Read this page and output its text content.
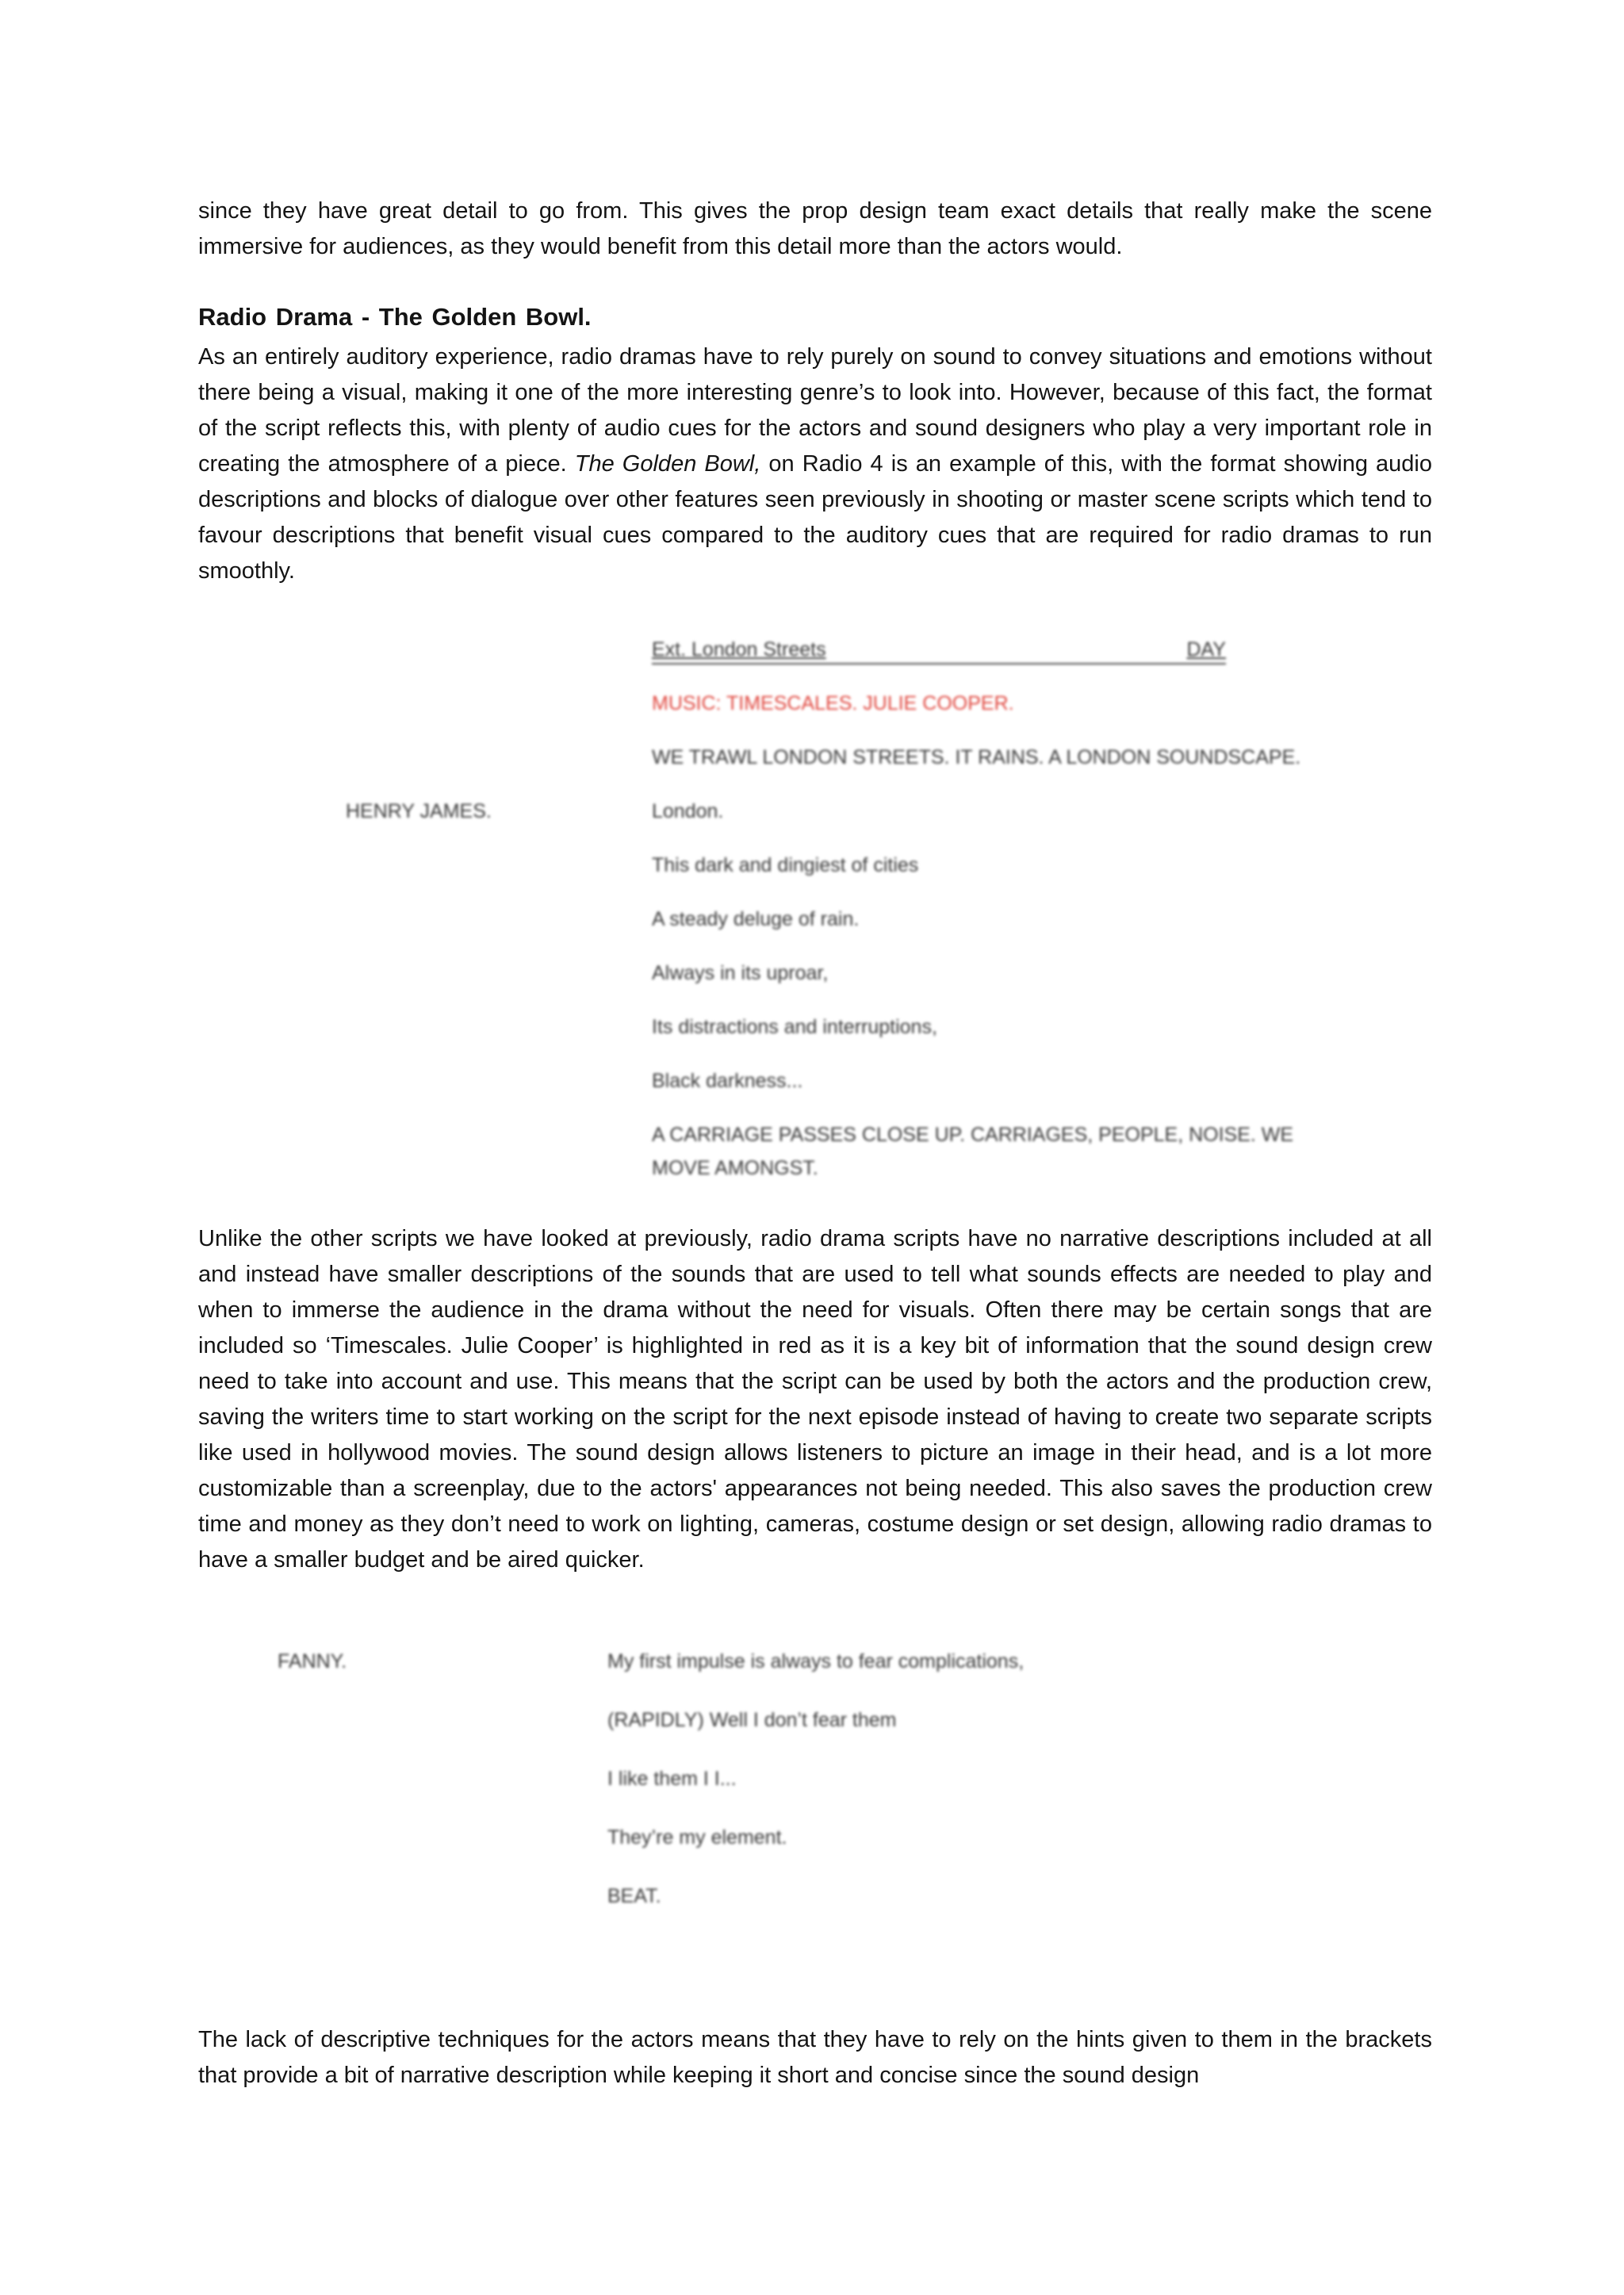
since they have great detail to go from. This gives the prop design team exact details that really make the scene immersive for audiences, as they would benefit from this detail more than the actors would.

Radio Drama - The Golden Bowl.

As an entirely auditory experience, radio dramas have to rely purely on sound to convey situations and emotions without there being a visual, making it one of the more interesting genre’s to look into. However, because of this fact, the format of the script reflects this, with plenty of audio cues for the actors and sound designers who play a very important role in creating the atmosphere of a piece. The Golden Bowl, on Radio 4 is an example of this, with the format showing audio descriptions and blocks of dialogue over other features seen previously in shooting or master scene scripts which tend to favour descriptions that benefit visual cues compared to the auditory cues that are required for radio dramas to run smoothly.

Ext. London Streets	DAY
MUSIC: TIMESCALES. JULIE COOPER.
WE TRAWL LONDON STREETS. IT RAINS. A LONDON SOUNDSCAPE.
HENRY JAMES.	London.
This dark and dingiest of cities
A steady deluge of rain.
Always in its uproar,
Its distractions and interruptions,
Black darkness...
A CARRIAGE PASSES CLOSE UP. CARRIAGES, PEOPLE, NOISE. WE
MOVE AMONGST.

Unlike the other scripts we have looked at previously, radio drama scripts have no narrative descriptions included at all and instead have smaller descriptions of the sounds that are used to tell what sounds effects are needed to play and when to immerse the audience in the drama without the need for visuals. Often there may be certain songs that are included so ‘Timescales. Julie Cooper’ is highlighted in red as it is a key bit of information that the sound design crew need to take into account and use. This means that the script can be used by both the actors and the production crew, saving the writers time to start working on the script for the next episode instead of having to create two separate scripts like used in hollywood movies. The sound design allows listeners to picture an image in their head, and is a lot more customizable than a screenplay, due to the actors' appearances not being needed. This also saves the production crew time and money as they don’t need to work on lighting, cameras, costume design or set design, allowing radio dramas to have a smaller budget and be aired quicker.

FANNY.	My first impulse is always to fear complications,
(RAPIDLY) Well I don’t fear them
I like them I I...
They’re my element.
BEAT.

The lack of descriptive techniques for the actors means that they have to rely on the hints given to them in the brackets that provide a bit of narrative description while keeping it short and concise since the sound design
